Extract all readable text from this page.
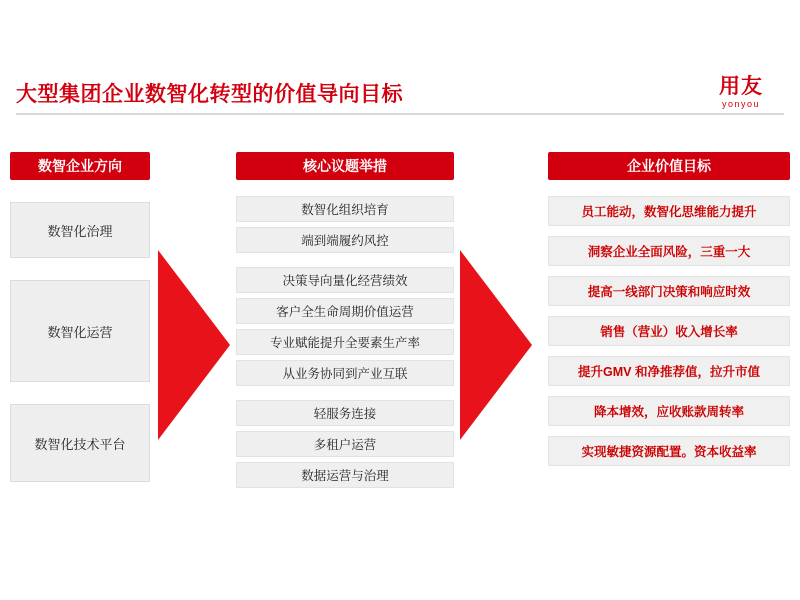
大型集团企业数智化转型的价值导向目标	用友
yonyou
数智企业方向
数智化治理
数智化运营
数智化技术平台
核心议题举措
数智化组织培育
端到端履约风控
决策导向量化经营绩效
客户全生命周期价值运营
专业赋能提升全要素生产率
从业务协同到产业互联
轻服务连接
多租户运营
数据运营与治理
企业价值目标
员工能动，数智化思维能力提升
洞察企业全面风险，三重一大
提高一线部门决策和响应时效
销售（营业）收入增长率
提升GMV 和净推荐值，拉升市值
降本增效，应收账款周转率
实现敏捷资源配置。资本收益率
